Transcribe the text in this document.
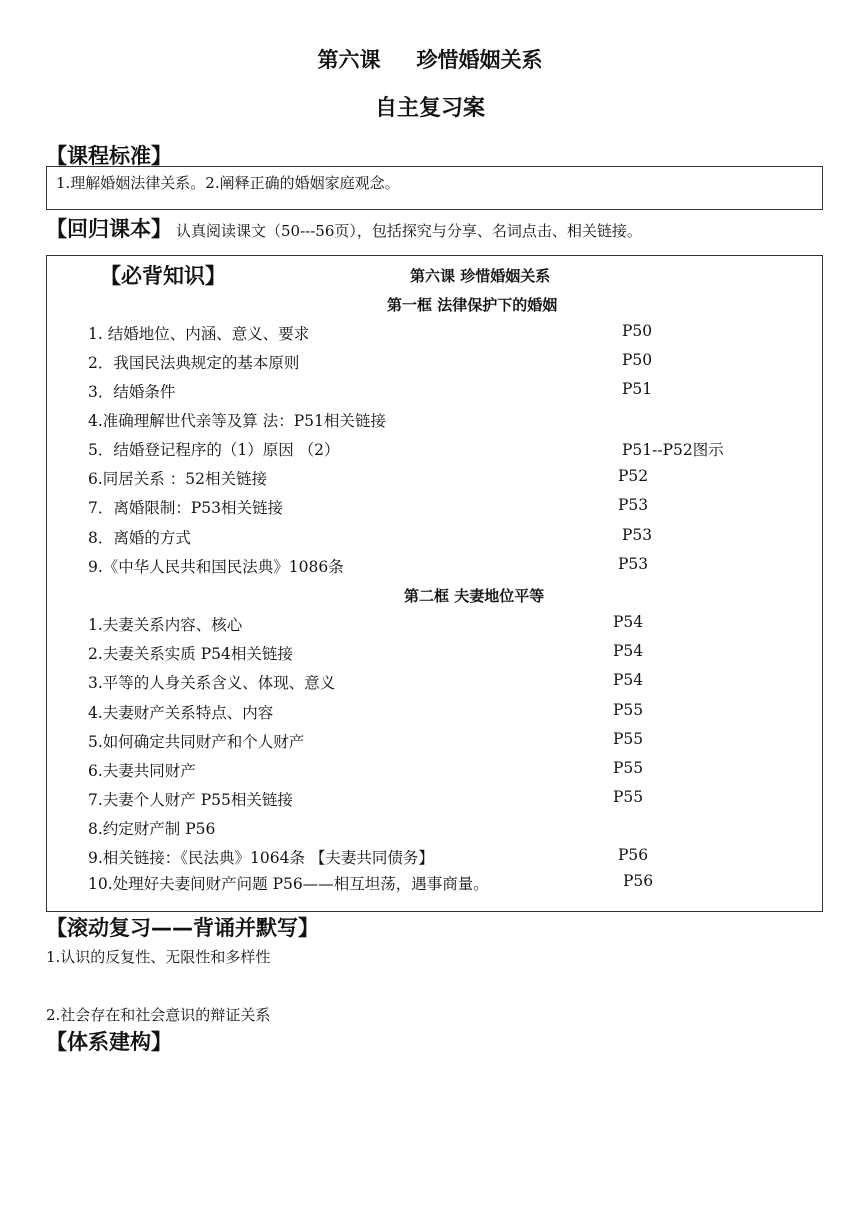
第六课 珍惜婚姻关系
自主复习案
【课程标准】
1.理解婚姻法律关系。2.阐释正确的婚姻家庭观念。
【回归课本】 认真阅读课文（50---56页），包括探究与分享、名词点击、相关链接。
【必背知识】	第六课 珍惜婚姻关系
第一框 法律保护下的婚姻
1. 结婚地位、内涵、意义、要求	P50
2．我国民法典规定的基本原则	P50
3．结婚条件	P51
4.准确理解世代亲等及算 法：P51相关链接
5．结婚登记程序的（1）原因 （2）	P51--P52图示
6.同居关系 ：52相关链接	P52
7．离婚限制：P53相关链接	P53
8．离婚的方式	P53
9.《中华人民共和国民法典》1086条	P53
第二框 夫妻地位平等
1.夫妻关系内容、核心	P54
2.夫妻关系实质 P54相关链接	P54
3.平等的人身关系含义、体现、意义	P54
4.夫妻财产关系特点、内容	P55
5.如何确定共同财产和个人财产	P55
6.夫妻共同财产	P55
7.夫妻个人财产 P55相关链接	P55
8.约定财产制 P56
9.相关链接：《民法典》1064条 【夫妻共同债务】	P56
10.处理好夫妻间财产问题 P56——相互坦荡，遇事商量。	P56
【滚动复习——背诵并默写】
1.认识的反复性、无限性和多样性
2.社会存在和社会意识的辩证关系
【体系建构】
